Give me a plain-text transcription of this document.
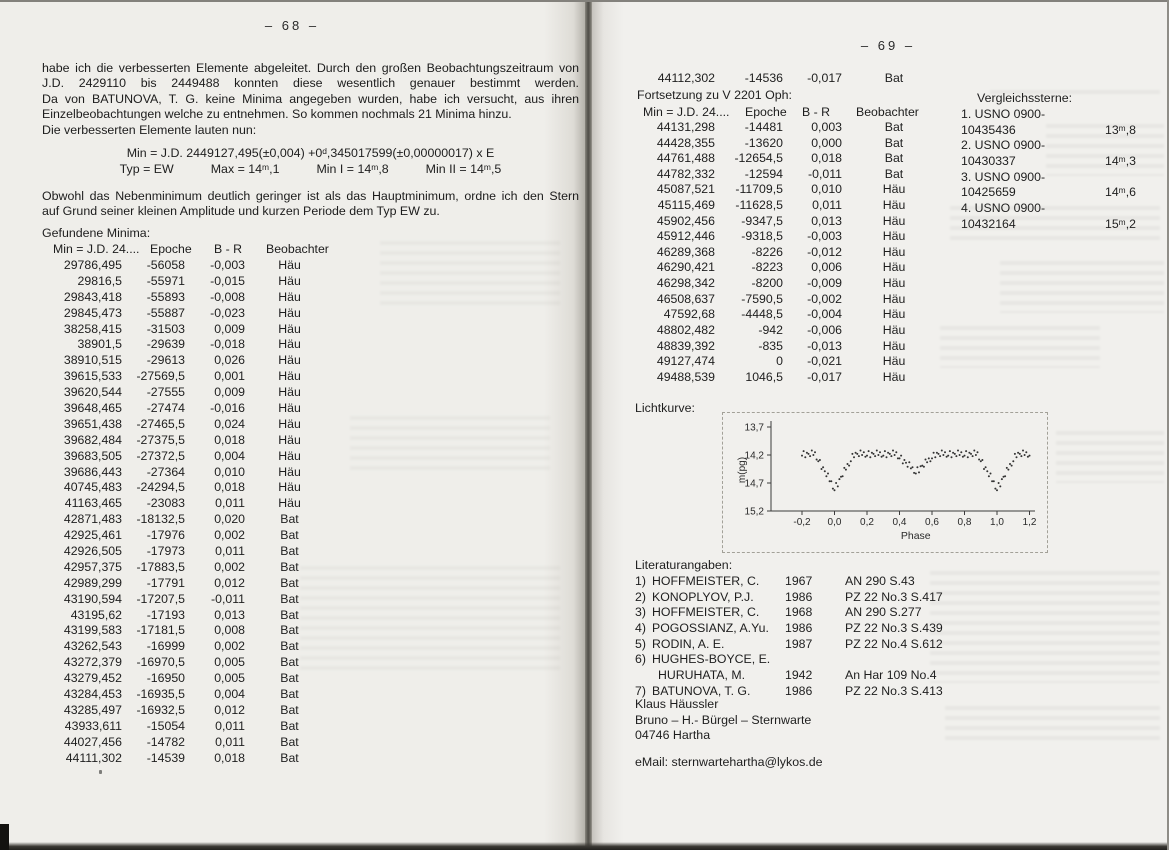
– 68 –
habe ich die verbesserten Elemente abgeleitet. Durch den großen Beobachtungszeitraum von
J.D. 2429110 bis 2449488 konnten diese wesentlich genauer bestimmt werden.
Da von BATUNOVA, T. G. keine Minima angegeben wurden, habe ich versucht, aus ihren
Einzelbeobachtungen welche zu entnehmen. So kommen nochmals 21 Minima hinzu.
Die verbesserten Elemente lauten nun:
Min = J.D. 2449127,495(±0,004) +0ᵈ,345017599(±0,00000017) x E
Typ = EW	Max = 14ᵐ,1	Min I = 14ᵐ,8	Min II = 14ᵐ,5
Obwohl das Nebenminimum deutlich geringer ist als das Hauptminimum, ordne ich den Stern
auf Grund seiner kleinen Amplitude und kurzen Periode dem Typ EW zu.
Gefundene Minima:
Min = J.D. 24.... Epoche B - R Beobachter
29786,495	-56058	-0,003	Häu
29816,5	-55971	-0,015	Häu
29843,418	-55893	-0,008	Häu
29845,473	-55887	-0,023	Häu
38258,415	-31503	0,009	Häu
38901,5	-29639	-0,018	Häu
38910,515	-29613	0,026	Häu
39615,533	-27569,5	0,001	Häu
39620,544	-27555	0,009	Häu
39648,465	-27474	-0,016	Häu
39651,438	-27465,5	0,024	Häu
39682,484	-27375,5	0,018	Häu
39683,505	-27372,5	0,004	Häu
39686,443	-27364	0,010	Häu
40745,483	-24294,5	0,018	Häu
41163,465	-23083	0,011	Häu
42871,483	-18132,5	0,020	Bat
42925,461	-17976	0,002	Bat
42926,505	-17973	0,011	Bat
42957,375	-17883,5	0,002	Bat
42989,299	-17791	0,012	Bat
43190,594	-17207,5	-0,011	Bat
43195,62	-17193	0,013	Bat
43199,583	-17181,5	0,008	Bat
43262,543	-16999	0,002	Bat
43272,379	-16970,5	0,005	Bat
43279,452	-16950	0,005	Bat
43284,453	-16935,5	0,004	Bat
43285,497	-16932,5	0,012	Bat
43933,611	-15054	0,011	Bat
44027,456	-14782	0,011	Bat
44111,302	-14539	0,018	Bat
– 69 –
44112,302	-14536	-0,017	Bat
Fortsetzung zu V 2201 Oph:
Min = J.D. 24.... Epoche B - R Beobachter
44131,298	-14481	0,003	Bat
44428,355	-13620	0,000	Bat
44761,488	-12654,5	0,018	Bat
44782,332	-12594	-0,011	Bat
45087,521	-11709,5	0,010	Häu
45115,469	-11628,5	0,011	Häu
45902,456	-9347,5	0,013	Häu
45912,446	-9318,5	-0,003	Häu
46289,368	-8226	-0,012	Häu
46290,421	-8223	0,006	Häu
46298,342	-8200	-0,009	Häu
46508,637	-7590,5	-0,002	Häu
47592,68	-4448,5	-0,004	Häu
48802,482	-942	-0,006	Häu
48839,392	-835	-0,013	Häu
49127,474	0	-0,021	Häu
49488,539	1046,5	-0,017	Häu
Vergleichssterne:
1. USNO 0900-
10435436	13ᵐ,8
2. USNO 0900-
10430337	14ᵐ,3
3. USNO 0900-
10425659	14ᵐ,6
4. USNO 0900-
10432164	15ᵐ,2
Lichtkurve:
13,7
14,2
14,7
15,2
-0,2 0,0 0,2 0,4 0,6 0,8 1,0 1,2
m(pg)
Phase
Literaturangaben:
1) HOFFMEISTER, C.	1967	AN 290 S.43
2) KONOPLYOV, P.J.	1986	PZ 22 No.3 S.417
3) HOFFMEISTER, C.	1968	AN 290 S.277
4) POGOSSIANZ, A.Yu.	1986	PZ 22 No.3 S.439
5) RODIN, A. E.	1987	PZ 22 No.4 S.612
6) HUGHES-BOYCE, E.
HURUHATA, M.	1942	An Har 109 No.4
7) BATUNOVA, T. G.	1986	PZ 22 No.3 S.413
Klaus Häussler
Bruno – H.- Bürgel – Sternwarte
04746 Hartha
eMail: sternwartehartha@lykos.de
